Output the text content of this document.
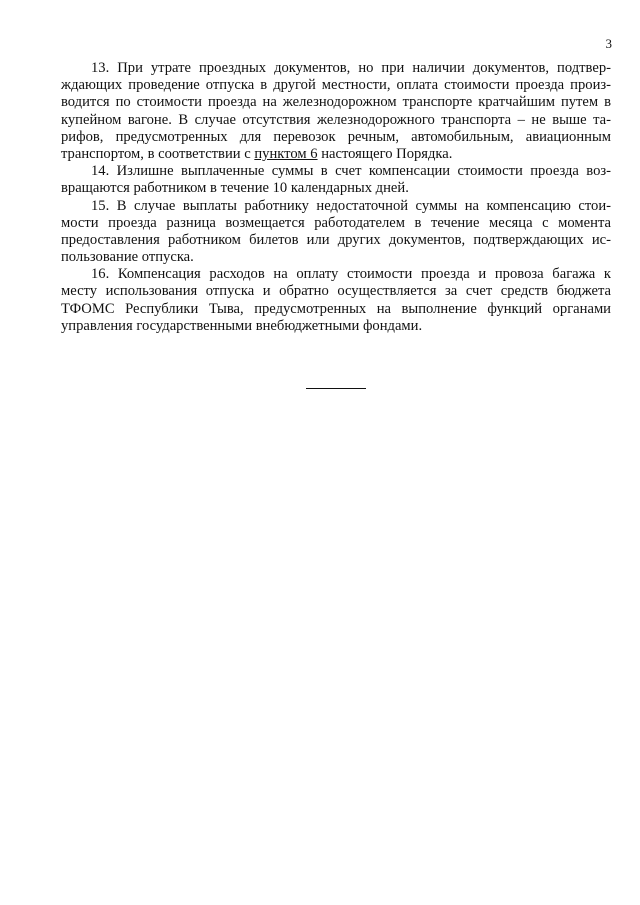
3

13. При утрате проездных документов, но при наличии документов, подтвер-
ждающих проведение отпуска в другой местности, оплата стоимости проезда произ-
водится по стоимости проезда на железнодорожном транспорте кратчайшим путем в
купейном вагоне. В случае отсутствия железнодорожного транспорта – не выше та-
рифов, предусмотренных для перевозок речным, автомобильным, авиационным
транспортом, в соответствии с пунктом 6 настоящего Порядка.

14. Излишне выплаченные суммы в счет компенсации стоимости проезда воз-
вращаются работником в течение 10 календарных дней.

15. В случае выплаты работнику недостаточной суммы на компенсацию стои-
мости проезда разница возмещается работодателем в течение месяца с момента
предоставления работником билетов или других документов, подтверждающих ис-
пользование отпуска.

16. Компенсация расходов на оплату стоимости проезда и провоза багажа к
месту использования отпуска и обратно осуществляется за счет средств бюджета
ТФОМС Республики Тыва, предусмотренных на выполнение функций органами
управления государственными внебюджетными фондами.
